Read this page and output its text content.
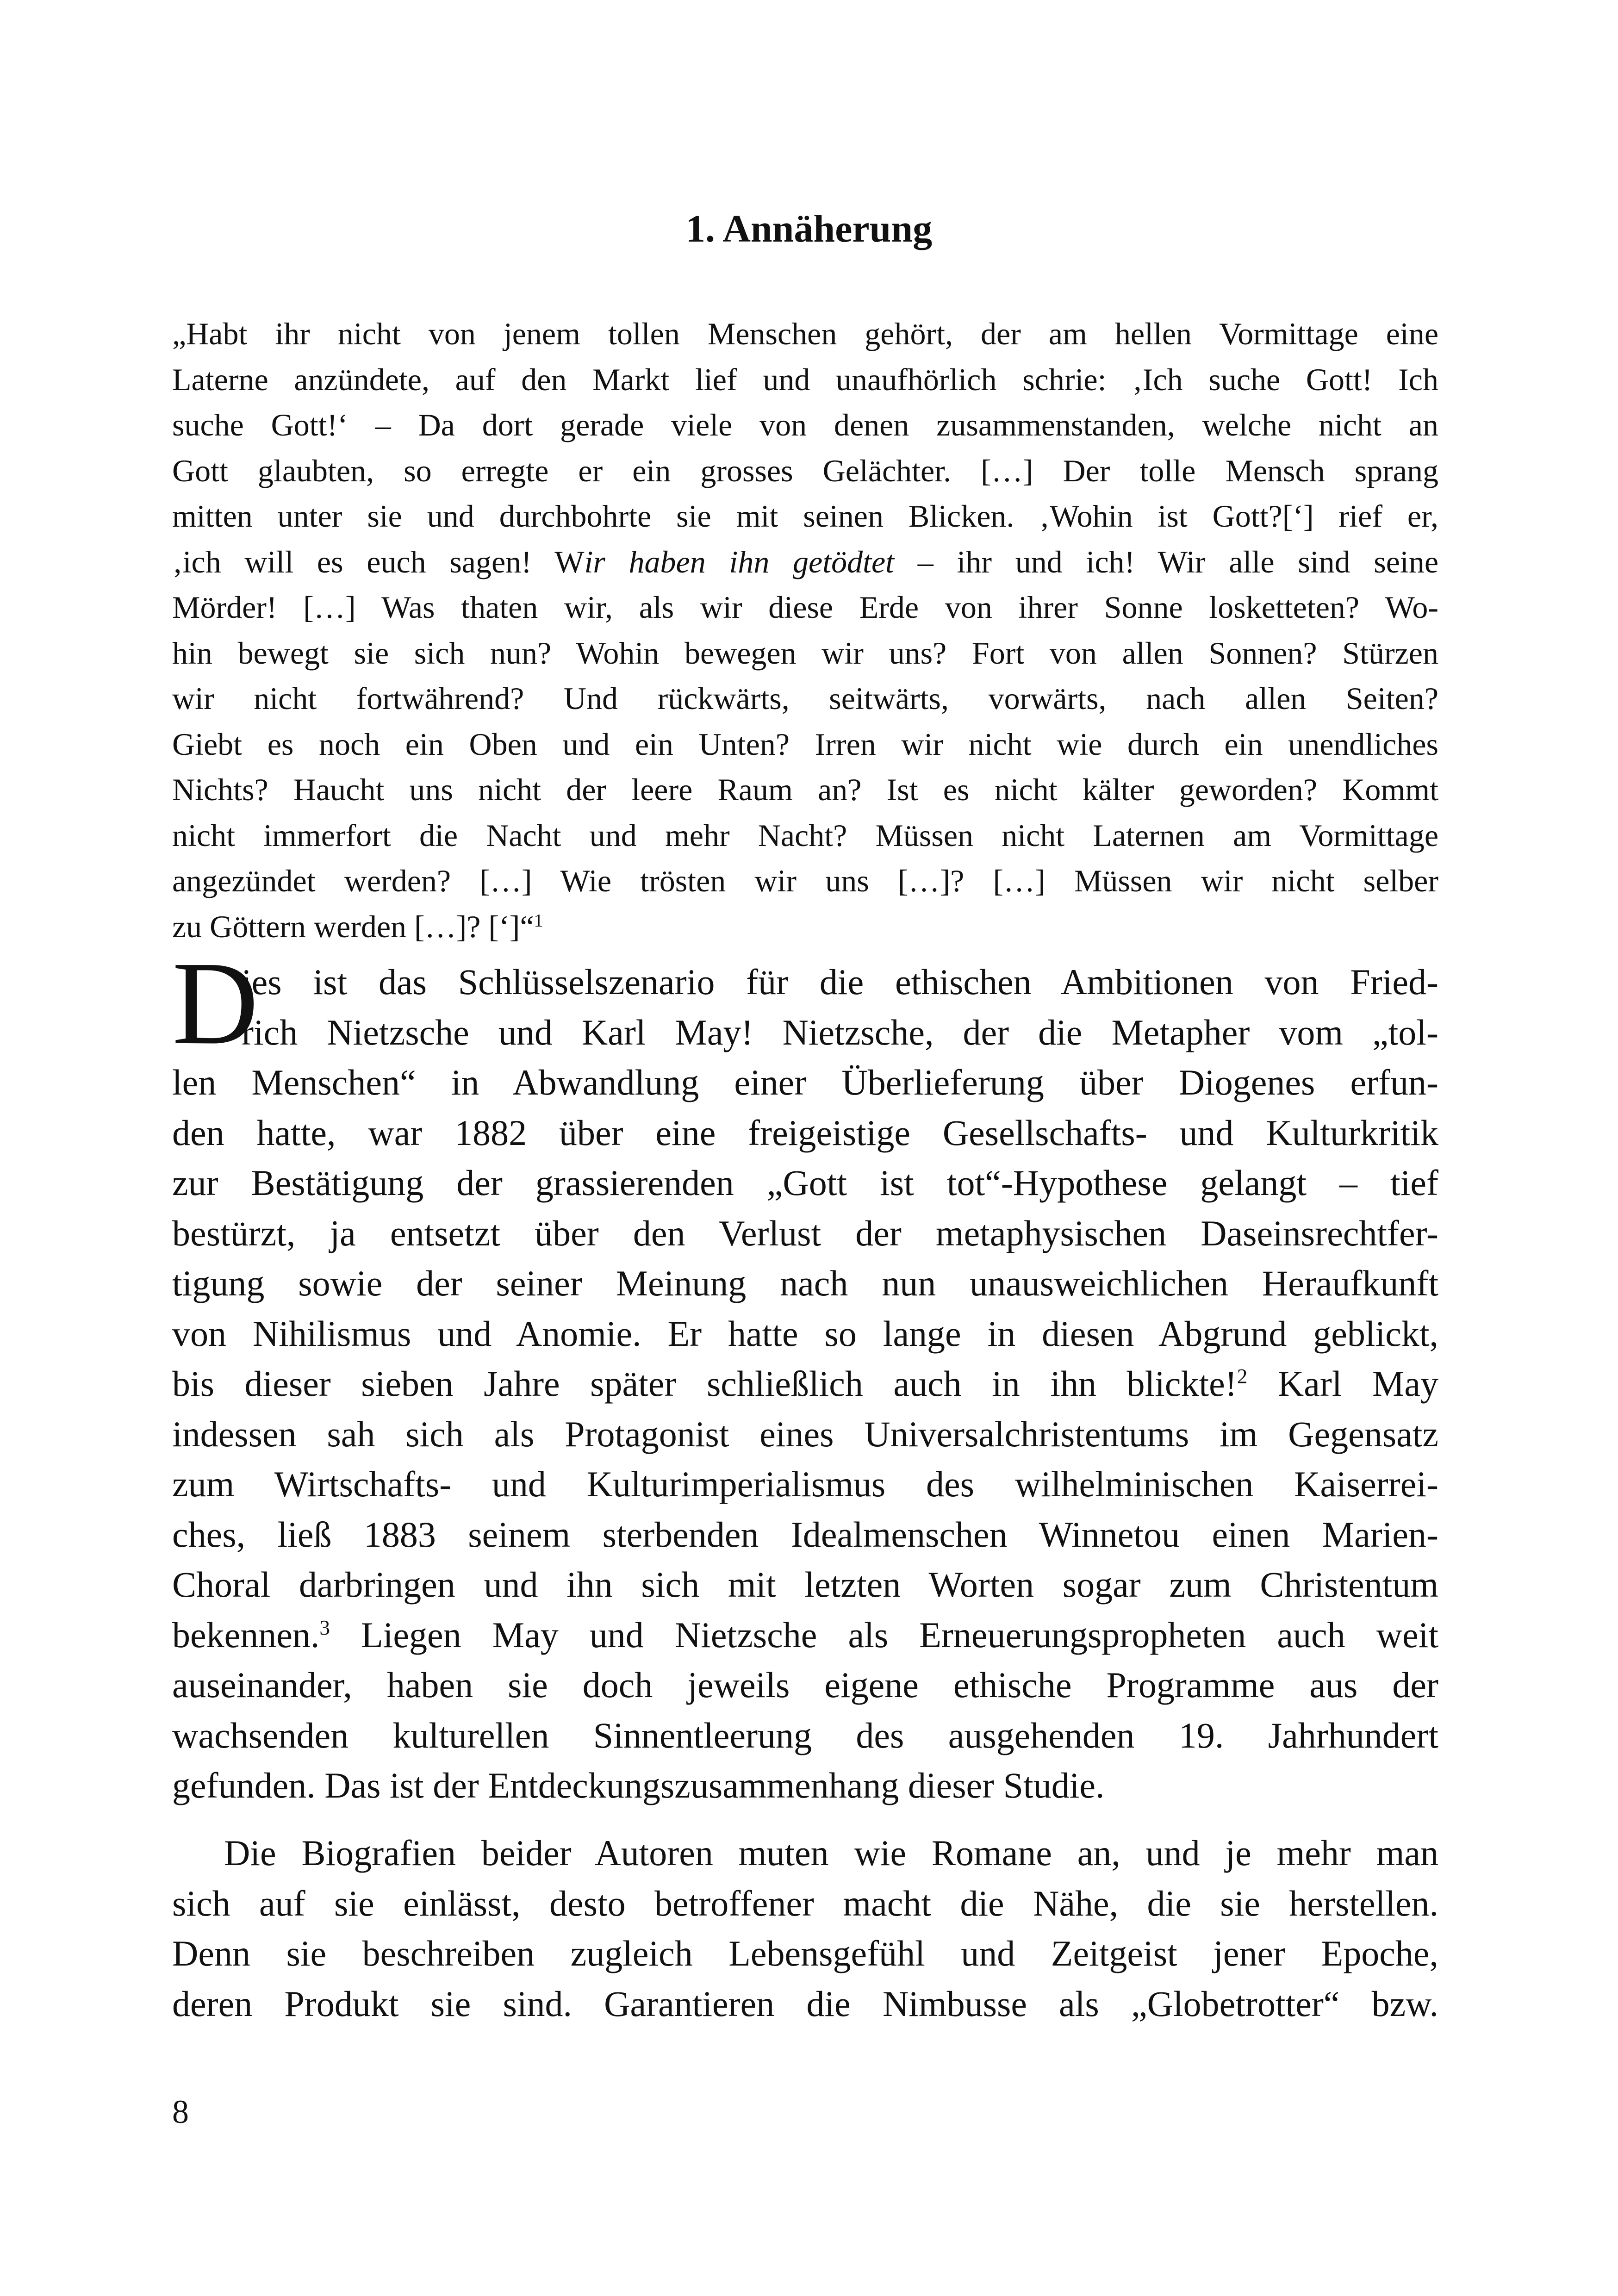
1. Annäherung
„Habt ihr nicht von jenem tollen Menschen gehört, der am hellen Vormittage eine
Laterne anzündete, auf den Markt lief und unaufhörlich schrie: ‚Ich suche Gott! Ich
suche Gott!‘ – Da dort gerade viele von denen zusammenstanden, welche nicht an
Gott glaubten, so erregte er ein grosses Gelächter. […] Der tolle Mensch sprang
mitten unter sie und durchbohrte sie mit seinen Blicken. ‚Wohin ist Gott?[‘] rief er,
‚ich will es euch sagen! Wir haben ihn getödtet – ihr und ich! Wir alle sind seine
Mörder! […] Was thaten wir, als wir diese Erde von ihrer Sonne losketteten? Wo-
hin bewegt sie sich nun? Wohin bewegen wir uns? Fort von allen Sonnen? Stürzen
wir nicht fortwährend? Und rückwärts, seitwärts, vorwärts, nach allen Seiten?
Giebt es noch ein Oben und ein Unten? Irren wir nicht wie durch ein unendliches
Nichts? Haucht uns nicht der leere Raum an? Ist es nicht kälter geworden? Kommt
nicht immerfort die Nacht und mehr Nacht? Müssen nicht Laternen am Vormittage
angezündet werden? […] Wie trösten wir uns […]? […] Müssen wir nicht selber
zu Göttern werden […]? [‘]“$^1$
D
ies ist das Schlüsselszenario für die ethischen Ambitionen von Fried-
rich Nietzsche und Karl May! Nietzsche, der die Metapher vom „tol-
len Menschen“ in Abwandlung einer Überlieferung über Diogenes erfun-
den hatte, war 1882 über eine freigeistige Gesellschafts- und Kulturkritik
zur Bestätigung der grassierenden „Gott ist tot“-Hypothese gelangt – tief
bestürzt, ja entsetzt über den Verlust der metaphysischen Daseinsrechtfer-
tigung sowie der seiner Meinung nach nun unausweichlichen Heraufkunft
von Nihilismus und Anomie. Er hatte so lange in diesen Abgrund geblickt,
bis dieser sieben Jahre später schließlich auch in ihn blickte!$^2$ Karl May
indessen sah sich als Protagonist eines Universalchristentums im Gegensatz
zum Wirtschafts- und Kulturimperialismus des wilhelminischen Kaiserrei-
ches, ließ 1883 seinem sterbenden Idealmenschen Winnetou einen Marien-
Choral darbringen und ihn sich mit letzten Worten sogar zum Christentum
bekennen.$^3$ Liegen May und Nietzsche als Erneuerungspropheten auch weit
auseinander, haben sie doch jeweils eigene ethische Programme aus der
wachsenden kulturellen Sinnentleerung des ausgehenden 19. Jahrhundert
gefunden. Das ist der Entdeckungszusammenhang dieser Studie.
Die Biografien beider Autoren muten wie Romane an, und je mehr man
sich auf sie einlässt, desto betroffener macht die Nähe, die sie herstellen.
Denn sie beschreiben zugleich Lebensgefühl und Zeitgeist jener Epoche,
deren Produkt sie sind. Garantieren die Nimbusse als „Globetrotter“ bzw.
8
